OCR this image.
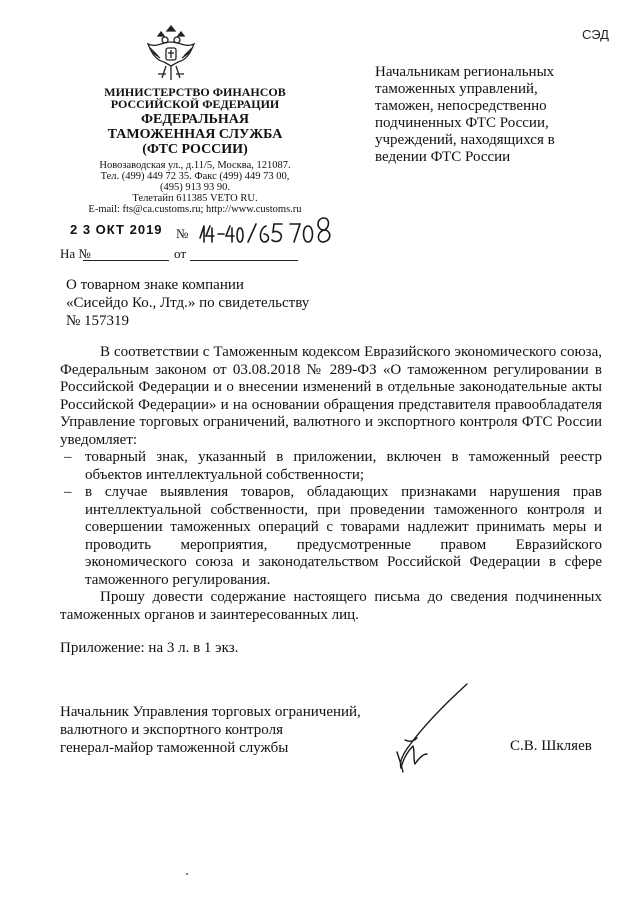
СЭД
МИНИСТЕРСТВО ФИНАНСОВ
РОССИЙСКОЙ ФЕДЕРАЦИИ
ФЕДЕРАЛЬНАЯ
ТАМОЖЕННАЯ СЛУЖБА
(ФТС РОССИИ)
Новозаводская ул., д.11/5, Москва, 121087.
Тел. (499) 449 72 35. Факс (499) 449 73 00,
(495) 913 93 90.
Телетайп 611385 VETO RU.
E-mail: fts@ca.customs.ru; http://www.customs.ru
2 3 ОКТ 2019 №
На №	от
Начальникам региональных
таможенных управлений,
таможен, непосредственно
подчиненных ФТС России,
учреждений, находящихся в
ведении ФТС России
О товарном знаке компании
«Сисейдо Ко., Лтд.» по свидетельству
№ 157319

В соответствии с Таможенным кодексом Евразийского экономического союза, Федеральным законом от 03.08.2018 № 289-ФЗ «О таможенном регулировании в Российской Федерации и о внесении изменений в отдельные законодательные акты Российской Федерации» и на основании обращения представителя правообладателя Управление торговых ограничений, валютного и экспортного контроля ФТС России уведомляет:

– товарный знак, указанный в приложении, включен в таможенный реестр объектов интеллектуальной собственности;
– в случае выявления товаров, обладающих признаками нарушения прав интеллектуальной собственности, при проведении таможенного контроля и совершении таможенных операций с товарами надлежит принимать меры и проводить мероприятия, предусмотренные правом Евразийского экономического союза и законодательством Российской Федерации в сфере таможенного регулирования.

Прошу довести содержание настоящего письма до сведения подчиненных таможенных органов и заинтересованных лиц.

Приложение: на 3 л. в 1 экз.
Начальник Управления торговых ограничений,
валютного и экспортного контроля
генерал-майор таможенной службы	С.В. Шкляев
